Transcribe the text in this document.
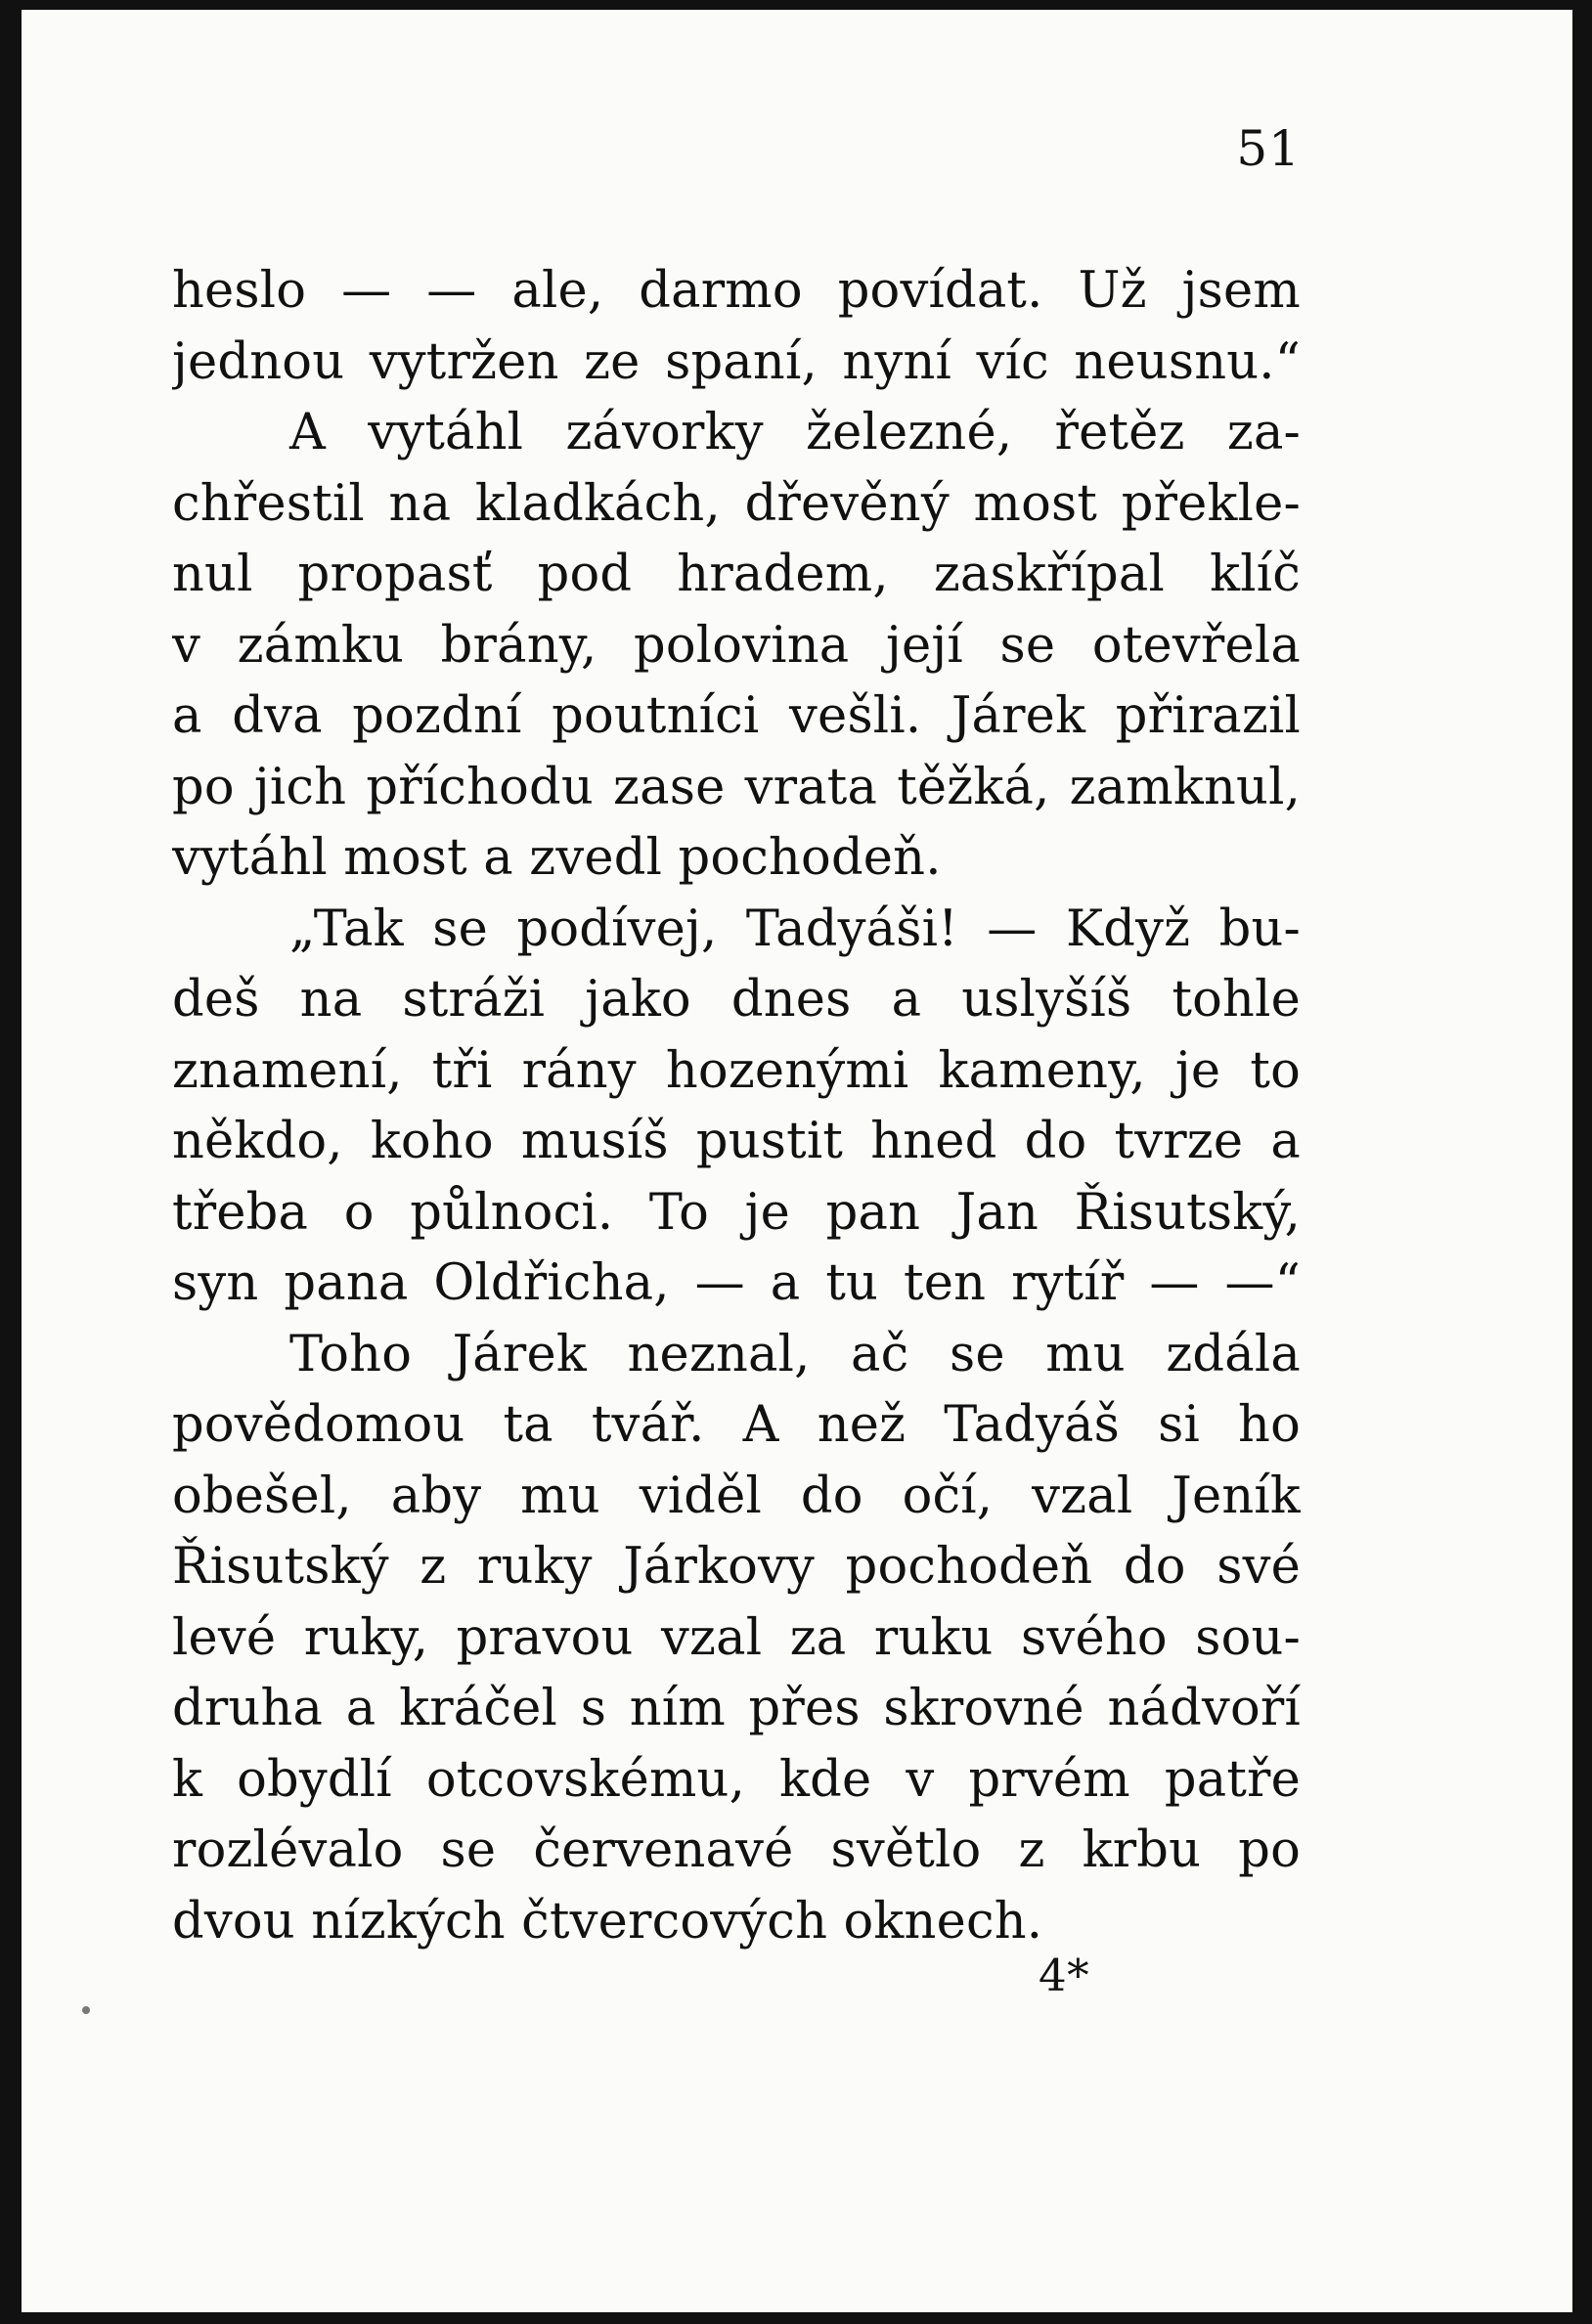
51
heslo — — ale, darmo povídat. Už jsem
jednou vytržen ze spaní, nyní víc neusnu.“
A vytáhl závorky železné, řetěz za-
chřestil na kladkách, dřevěný most překle-
nul propasť pod hradem, zaskřípal klíč
v zámku brány, polovina její se otevřela
a dva pozdní poutníci vešli. Járek přirazil
po jich příchodu zase vrata těžká, zamknul,
vytáhl most a zvedl pochodeň.
„Tak se podívej, Tadyáši! — Když bu-
deš na stráži jako dnes a uslyšíš tohle
znamení, tři rány hozenými kameny, je to
někdo, koho musíš pustit hned do tvrze a
třeba o půlnoci. To je pan Jan Řisutský,
syn pana Oldřicha, — a tu ten rytíř — —“
Toho Járek neznal, ač se mu zdála
povědomou ta tvář. A než Tadyáš si ho
obešel, aby mu viděl do očí, vzal Jeník
Řisutský z ruky Járkovy pochodeň do své
levé ruky, pravou vzal za ruku svého sou-
druha a kráčel s ním přes skrovné nádvoří
k obydlí otcovskému, kde v prvém patře
rozlévalo se červenavé světlo z krbu po
dvou nízkých čtvercových oknech.
4*
